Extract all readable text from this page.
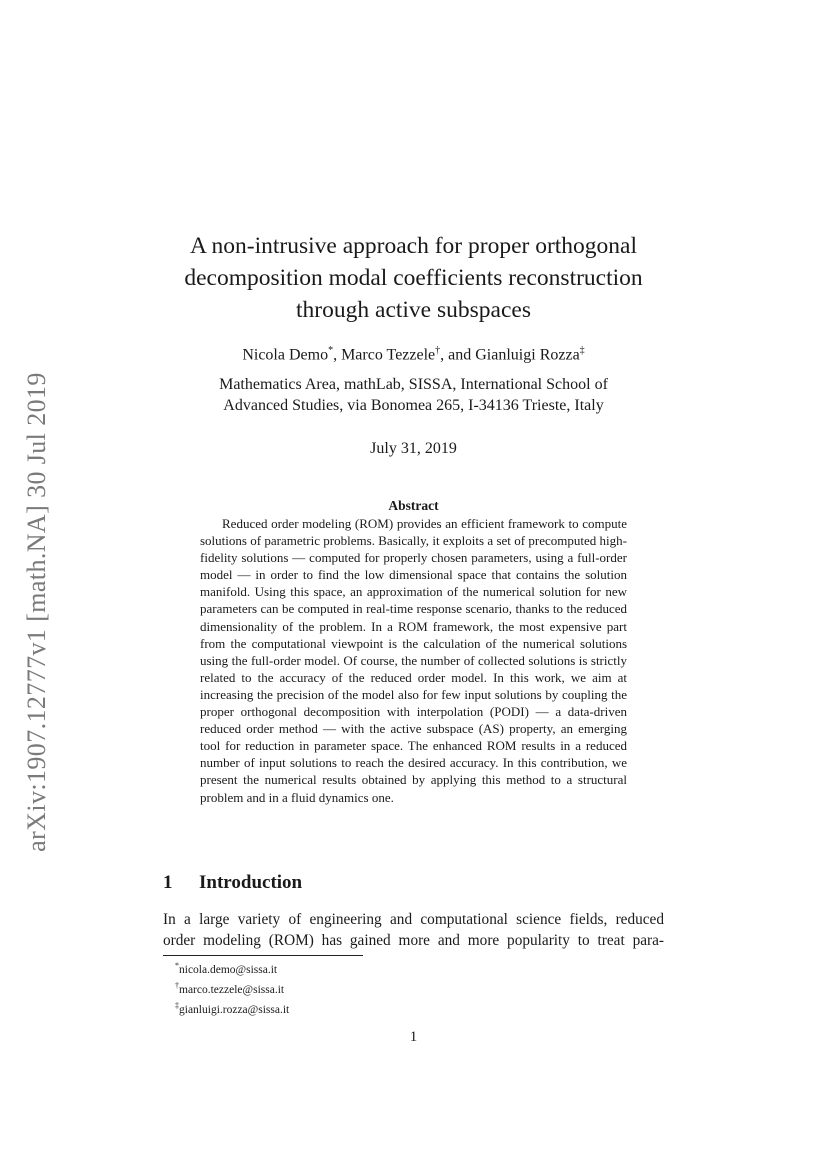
arXiv:1907.12777v1 [math.NA] 30 Jul 2019
A non-intrusive approach for proper orthogonal
decomposition modal coefficients reconstruction
through active subspaces
Nicola Demo*, Marco Tezzele†, and Gianluigi Rozza‡
Mathematics Area, mathLab, SISSA, International School of
Advanced Studies, via Bonomea 265, I-34136 Trieste, Italy
July 31, 2019
Abstract
Reduced order modeling (ROM) provides an efficient framework to compute solutions of parametric problems. Basically, it exploits a set of precomputed high-fidelity solutions — computed for properly chosen parameters, using a full-order model — in order to find the low dimensional space that contains the solution manifold. Using this space, an approximation of the numerical solution for new parameters can be computed in real-time response scenario, thanks to the reduced dimensionality of the problem. In a ROM framework, the most expensive part from the computational viewpoint is the calculation of the numerical solutions using the full-order model. Of course, the number of collected solutions is strictly related to the accuracy of the reduced order model. In this work, we aim at increasing the precision of the model also for few input solutions by coupling the proper orthogonal decomposition with interpolation (PODI) — a data-driven reduced order method — with the active subspace (AS) property, an emerging tool for reduction in parameter space. The enhanced ROM results in a reduced number of input solutions to reach the desired accuracy. In this contribution, we present the numerical results obtained by applying this method to a structural problem and in a fluid dynamics one.
1 Introduction
In a large variety of engineering and computational science fields, reduced
order modeling (ROM) has gained more and more popularity to treat para-
*nicola.demo@sissa.it
†marco.tezzele@sissa.it
‡gianluigi.rozza@sissa.it
1
